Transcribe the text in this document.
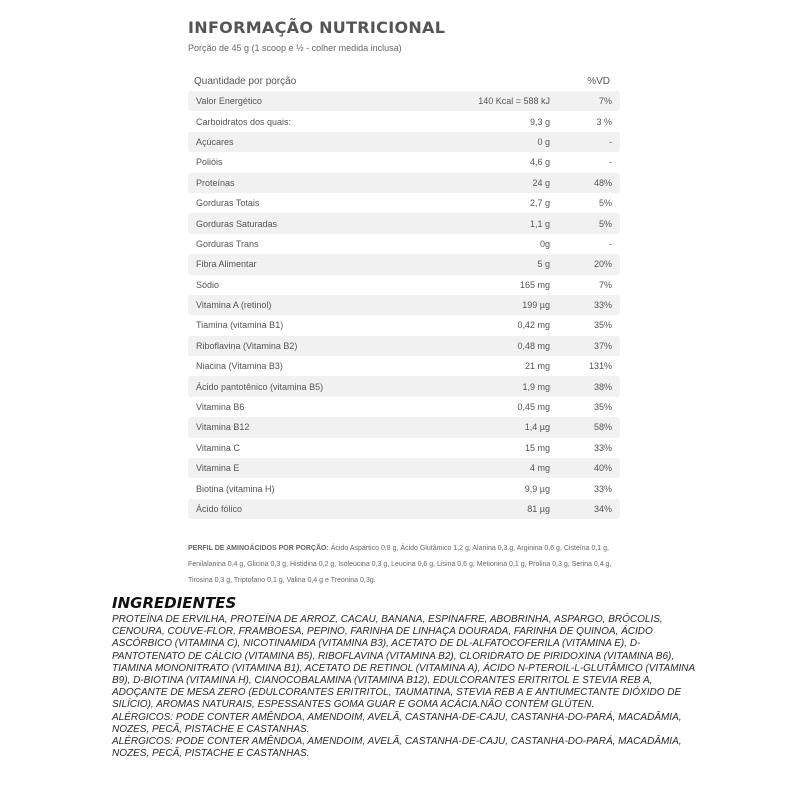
INFORMAÇÃO NUTRICIONAL
Porção de 45 g (1 scoop e ½ - colher medida inclusa)
Quantidade por porção	%VD
Valor Energético	140 Kcal = 588 kJ	7%
Carboidratos dos quais:	9,3 g	3 %
Açúcares	0 g	-
Polióis	4,6 g	-
Proteínas	24 g	48%
Gorduras Totais	2,7 g	5%
Gorduras Saturadas	1,1 g	5%
Gorduras Trans	0g	-
Fibra Alimentar	5 g	20%
Sódio	165 mg	7%
Vitamina A (retinol)	199 µg	33%
Tiamina (vitamina B1)	0,42 mg	35%
Riboflavina (Vitamina B2)	0,48 mg	37%
Niacina (Vitamina B3)	21 mg	131%
Ácido pantotênico (vitamina B5)	1,9 mg	38%
Vitamina B6	0,45 mg	35%
Vitamina B12	1,4 µg	58%
Vitamina C	15 mg	33%
Vitamina E	4 mg	40%
Biotina (vitamina H)	9,9 µg	33%
Ácido fólico	81 µg	34%
PERFIL DE AMINOÁCIDOS POR PORÇÃO: Ácido Aspártico 0,8 g, Ácido Glutâmico 1,2 g, Alanina 0,3 g, Arginina 0,6 g, Cisteína 0,1 g, Fenilalanina 0,4 g, Glicina 0,3 g, Histidina 0,2 g, Isoleucina 0,3 g, Leucina 0,6 g, Lisina 0,6 g, Metionina 0,1 g, Prolina 0,3 g, Serina 0,4 g, Tirosina 0,3 g, Triptofano 0,1 g, Valina 0,4 g e Treonina 0,3g.
INGREDIENTES

PROTEÍNA DE ERVILHA, PROTEÍNA DE ARROZ, CACAU, BANANA, ESPINAFRE, ABOBRINHA, ASPARGO, BRÓCOLIS, CENOURA, COUVE-FLOR, FRAMBOESA, PEPINO, FARINHA DE LINHAÇA DOURADA, FARINHA DE QUINOA, ÁCIDO ASCÓRBICO (VITAMINA C), NICOTINAMIDA (VITAMINA B3), ACETATO DE DL-ALFATOCOFERILA (VITAMINA E), D-PANTOTENATO DE CÁLCIO (VITAMINA B5), RIBOFLAVINA (VITAMINA B2), CLORIDRATO DE PIRIDOXINA (VITAMINA B6), TIAMINA MONONITRATO (VITAMINA B1), ACETATO DE RETINOL (VITAMINA A), ÁCIDO N-PTEROIL-L-GLUTÂMICO (VITAMINA B9), D-BIOTINA (VITAMINA H), CIANOCOBALAMINA (VITAMINA B12), EDULCORANTES ERITRITOL E STEVIA REB A, ADOÇANTE DE MESA ZERO (EDULCORANTES ERITRITOL, TAUMATINA, STEVIA REB A E ANTIUMECTANTE DIÓXIDO DE SILÍCIO), AROMAS NATURAIS, ESPESSANTES GOMA GUAR E GOMA ACÁCIA.NÃO CONTÉM GLÚTEN.

ALÉRGICOS: PODE CONTER AMÊNDOA, AMENDOIM, AVELÃ, CASTANHA-DE-CAJU, CASTANHA-DO-PARÁ, MACADÂMIA, NOZES, PECÃ, PISTACHE E CASTANHAS.

ALÉRGICOS: PODE CONTER AMÊNDOA, AMENDOIM, AVELÃ, CASTANHA-DE-CAJU, CASTANHA-DO-PARÁ, MACADÂMIA, NOZES, PECÃ, PISTACHE E CASTANHAS.
